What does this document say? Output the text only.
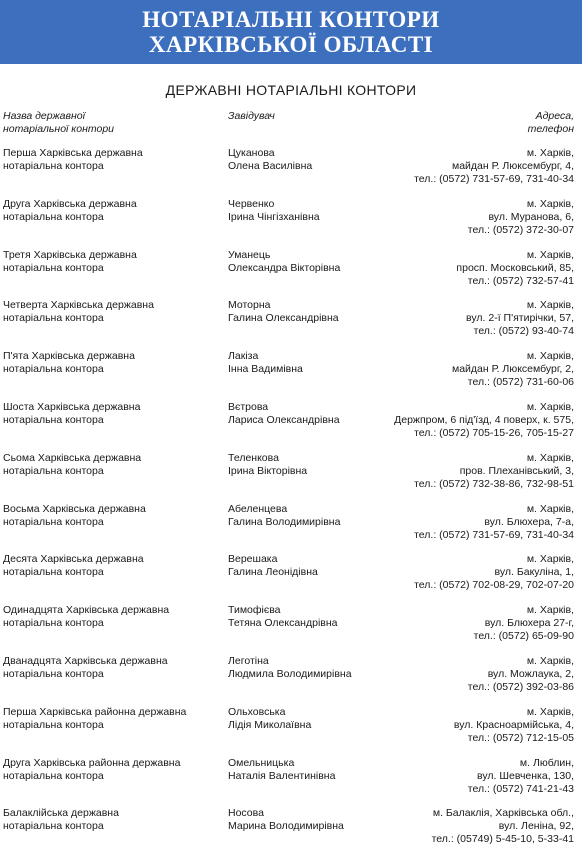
НОТАРІАЛЬНІ КОНТОРИ
ХАРКІВСЬКОЇ ОБЛАСТІ
ДЕРЖАВНІ НОТАРІАЛЬНІ КОНТОРИ
Назва державної
нотаріальної контори
Завідувач	Адреса,
телефон
Перша Харківська державна
нотаріальна контора
Цуканова
Олена Василівна
м. Харків,
майдан Р. Люксембург, 4,
тел.: (0572) 731-57-69, 731-40-34
Друга Харківська державна
нотаріальна контора
Червенко
Ірина Чінгізханівна
м. Харків,
вул. Муранова, 6,
тел.: (0572) 372-30-07
Третя Харківська державна
нотаріальна контора
Уманець
Олександра Вікторівна
м. Харків,
просп. Московський, 85,
тел.: (0572) 732-57-41
Четверта Харківська державна
нотаріальна контора
Моторна
Галина Олександрівна
м. Харків,
вул. 2-ї П'ятирічки, 57,
тел.: (0572) 93-40-74
П'ята Харківська державна
нотаріальна контора
Лакіза
Інна Вадимівна
м. Харків,
майдан Р. Люксембург, 2,
тел.: (0572) 731-60-06
Шоста Харківська державна
нотаріальна контора
Вєтрова
Лариса Олександрівна
м. Харків,
Держпром, 6 під'їзд, 4 поверх, к. 575,
тел.: (0572) 705-15-26, 705-15-27
Сьома Харківська державна
нотаріальна контора
Теленкова
Ірина Вікторівна
м. Харків,
пров. Плеханівський, 3,
тел.: (0572) 732-38-86, 732-98-51
Восьма Харківська державна
нотаріальна контора
Абеленцева
Галина Володимирівна
м. Харків,
вул. Блюхера, 7-а,
тел.: (0572) 731-57-69, 731-40-34
Десята Харківська державна
нотаріальна контора
Верешака
Галина Леонідівна
м. Харків,
вул. Бакуліна, 1,
тел.: (0572) 702-08-29, 702-07-20
Одинадцята Харківська державна
нотаріальна контора
Тимофієва
Тетяна Олександрівна
м. Харків,
вул. Блюхера 27-г,
тел.: (0572) 65-09-90
Дванадцята Харківська державна
нотаріальна контора
Леготіна
Людмила Володимирівна
м. Харків,
вул. Можлаука, 2,
тел.: (0572) 392-03-86
Перша Харківська районна державна
нотаріальна контора
Ольховська
Лідія Миколаївна
м. Харків,
вул. Красноармійська, 4,
тел.: (0572) 712-15-05
Друга Харківська районна державна
нотаріальна контора
Омельницька
Наталія Валентинівна
м. Люблин,
вул. Шевченка, 130,
тел.: (0572) 741-21-43
Балаклійська державна
нотаріальна контора
Носова
Марина Володимирівна
м. Балаклія, Харківська обл.,
вул. Леніна, 92,
тел.: (05749) 5-45-10, 5-33-41
